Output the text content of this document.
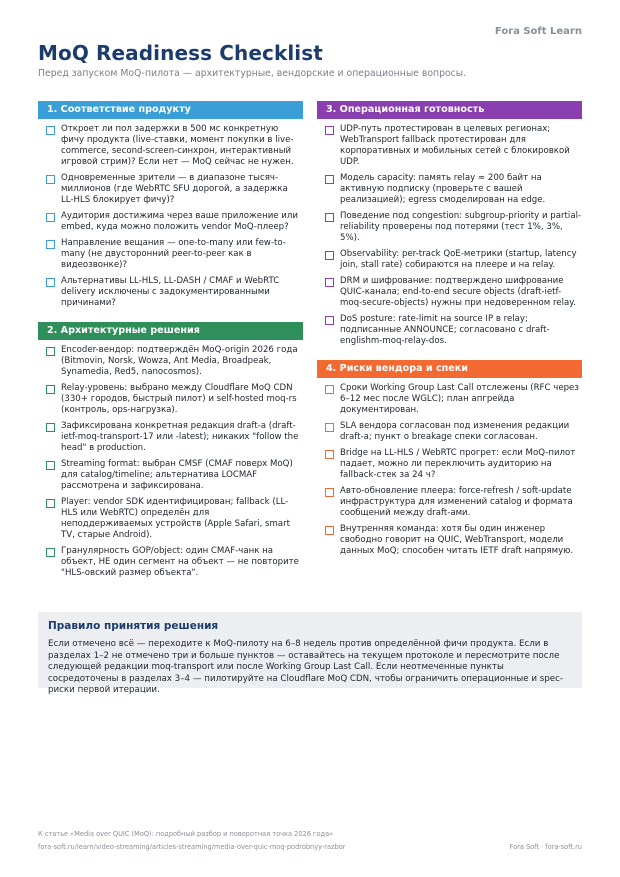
Fora Soft Learn
MoQ Readiness Checklist
Перед запуском MoQ-пилота — архитектурные, вендорские и операционные вопросы.
1. Соответствие продукту
Откроет ли пол задержки в 500 мс конкретную фичу продукта (live-ставки, момент покупки в live-commerce, second-screen-синхрон, интерактивный игровой стрим)? Если нет — MoQ сейчас не нужен.
Одновременные зрители — в диапазоне тысяч-миллионов (где WebRTC SFU дорогой, а задержка LL-HLS блокирует фичу)?
Аудитория достижима через ваше приложение или embed, куда можно положить vendor MoQ-плеер?
Направление вещания — one-to-many или few-to-many (не двусторонний peer-to-peer как в видеозвонке)?
Альтернативы LL-HLS, LL-DASH / CMAF и WebRTC delivery исключены с задокументированными причинами?
2. Архитектурные решения
Encoder-вендор: подтверждён MoQ-origin 2026 года (Bitmovin, Norsk, Wowza, Ant Media, Broadpeak, Synamedia, Red5, nanocosmos).
Relay-уровень: выбрано между Cloudflare MoQ CDN (330+ городов, быстрый пилот) и self-hosted moq-rs (контроль, ops-нагрузка).
Зафиксирована конкретная редакция draft-a (draft-ietf-moq-transport-17 или -latest); никаких "follow the head" в production.
Streaming format: выбран CMSF (CMAF поверх MoQ) для catalog/timeline; альтернатива LOCMAF рассмотрена и зафиксирована.
Player: vendor SDK идентифицирован; fallback (LL-HLS или WebRTC) определён для неподдерживаемых устройств (Apple Safari, smart TV, старые Android).
Гранулярность GOP/object: один CMAF-чанк на объект, НЕ один сегмент на объект — не повторите "HLS-овский размер объекта".
3. Операционная готовность
UDP-путь протестирован в целевых регионах; WebTransport fallback протестирован для корпоративных и мобильных сетей с блокировкой UDP.
Модель capacity: память relay ≈ 200 байт на активную подписку (проверьте с вашей реализацией); egress смоделирован на edge.
Поведение под congestion: subgroup-priority и partial-reliability проверены под потерями (тест 1%, 3%, 5%).
Observability: per-track QoE-метрики (startup, latency join, stall rate) собираются на плеере и на relay.
DRM и шифрование: подтверждено шифрование QUIC-канала; end-to-end secure objects (draft-ietf-moq-secure-objects) нужны при недоверенном relay.
DoS posture: rate-limit на source IP в relay; подписанные ANNOUNCE; согласовано с draft-englishm-moq-relay-dos.
4. Риски вендора и спеки
Сроки Working Group Last Call отслежены (RFC через 6–12 мес после WGLC); план апгрейда документирован.
SLA вендора согласован под изменения редакции draft-a; пункт о breakage спеки согласован.
Bridge на LL-HLS / WebRTC прогрет: если MoQ-пилот падает, можно ли переключить аудиторию на fallback-стек за 24 ч?
Авто-обновление плеера: force-refresh / soft-update инфраструктура для изменений catalog и формата сообщений между draft-ами.
Внутренняя команда: хотя бы один инженер свободно говорит на QUIC, WebTransport, модели данных MoQ; способен читать IETF draft напрямую.
Правило принятия решения
Если отмечено всё — переходите к MoQ-пилоту на 6–8 недель против определённой фичи продукта. Если в разделах 1–2 не отмечено три и больше пунктов — оставайтесь на текущем протоколе и пересмотрите после следующей редакции moq-transport или после Working Group Last Call. Если неотмеченные пункты сосредоточены в разделах 3–4 — пилотируйте на Cloudflare MoQ CDN, чтобы ограничить операционные и spec-риски первой итерации.
К статье «Media over QUIC (MoQ): подробный разбор и поворотная точка 2026 года»
fora-soft.ru/learn/video-streaming/articles-streaming/media-over-quic-moq-podrobnyy-razbor	Fora Soft · fora-soft.ru
